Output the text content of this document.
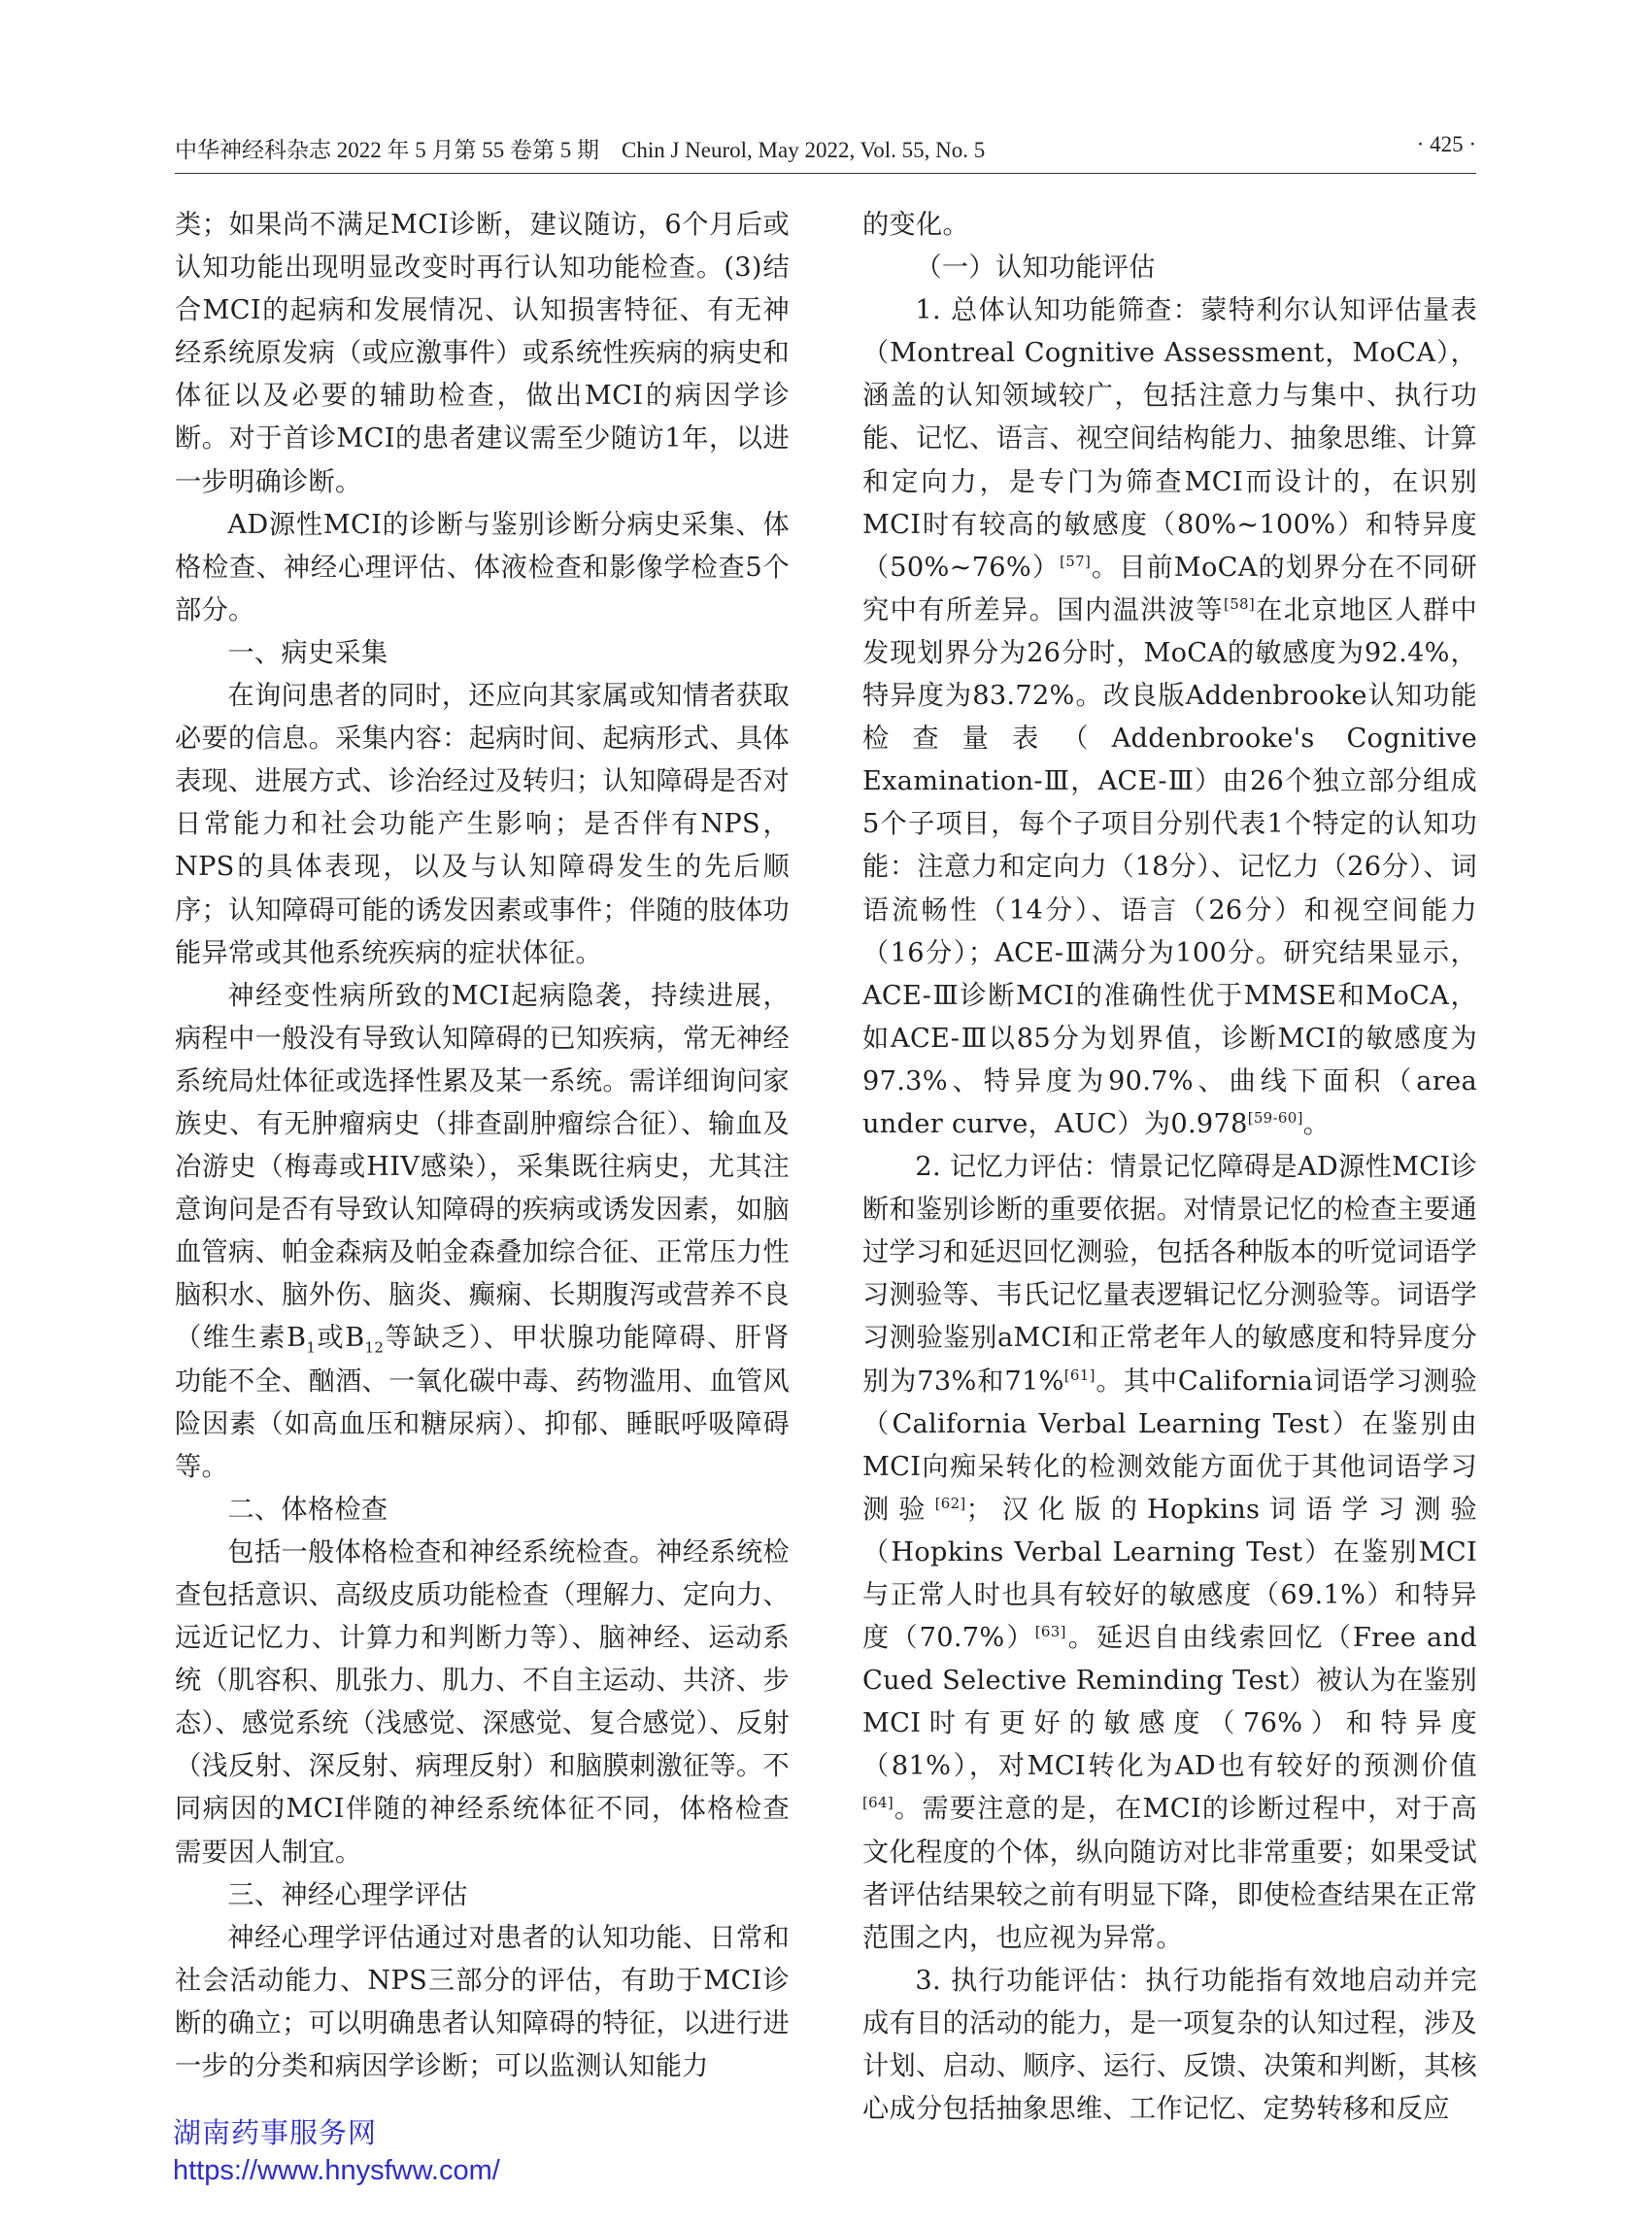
中华神经科杂志 2022 年 5 月第 55 卷第 5 期　Chin J Neurol, May 2022, Vol. 55, No. 5	· 425 ·

类；如果尚不满足MCI诊断，建议随访，6个月后或认知功能出现明显改变时再行认知功能检查。(3)结合MCI的起病和发展情况、认知损害特征、有无神经系统原发病（或应激事件）或系统性疾病的病史和体征以及必要的辅助检查，做出MCI的病因学诊断。对于首诊MCI的患者建议需至少随访1年，以进一步明确诊断。

AD源性MCI的诊断与鉴别诊断分病史采集、体格检查、神经心理评估、体液检查和影像学检查5个部分。

一、病史采集

在询问患者的同时，还应向其家属或知情者获取必要的信息。采集内容：起病时间、起病形式、具体表现、进展方式、诊治经过及转归；认知障碍是否对日常能力和社会功能产生影响；是否伴有NPS，NPS的具体表现，以及与认知障碍发生的先后顺序；认知障碍可能的诱发因素或事件；伴随的肢体功能异常或其他系统疾病的症状体征。

神经变性病所致的MCI起病隐袭，持续进展，病程中一般没有导致认知障碍的已知疾病，常无神经系统局灶体征或选择性累及某一系统。需详细询问家族史、有无肿瘤病史（排查副肿瘤综合征）、输血及冶游史（梅毒或HIV感染），采集既往病史，尤其注意询问是否有导致认知障碍的疾病或诱发因素，如脑血管病、帕金森病及帕金森叠加综合征、正常压力性脑积水、脑外伤、脑炎、癫痫、长期腹泻或营养不良（维生素$B_1$或$B_{12}$等缺乏）、甲状腺功能障碍、肝肾功能不全、酗酒、一氧化碳中毒、药物滥用、血管风险因素（如高血压和糖尿病）、抑郁、睡眠呼吸障碍等。

二、体格检查

包括一般体格检查和神经系统检查。神经系统检查包括意识、高级皮质功能检查（理解力、定向力、远近记忆力、计算力和判断力等）、脑神经、运动系统（肌容积、肌张力、肌力、不自主运动、共济、步态）、感觉系统（浅感觉、深感觉、复合感觉）、反射（浅反射、深反射、病理反射）和脑膜刺激征等。不同病因的MCI伴随的神经系统体征不同，体格检查需要因人制宜。

三、神经心理学评估

神经心理学评估通过对患者的认知功能、日常和社会活动能力、NPS三部分的评估，有助于MCI诊断的确立；可以明确患者认知障碍的特征，以进行进一步的分类和病因学诊断；可以监测认知能力

的变化。

（一）认知功能评估

1. 总体认知功能筛查：蒙特利尔认知评估量表（Montreal Cognitive Assessment，MoCA），涵盖的认知领域较广，包括注意力与集中、执行功能、记忆、语言、视空间结构能力、抽象思维、计算和定向力，是专门为筛查MCI而设计的，在识别MCI时有较高的敏感度（80%~100%）和特异度（50%~76%）[57]。目前MoCA的划界分在不同研究中有所差异。国内温洪波等[58]在北京地区人群中发现划界分为26分时，MoCA的敏感度为92.4%，特异度为83.72%。改良版Addenbrooke认知功能检查量表（Addenbrooke's Cognitive Examination-Ⅲ，ACE-Ⅲ）由26个独立部分组成5个子项目，每个子项目分别代表1个特定的认知功能：注意力和定向力（18分）、记忆力（26分）、词语流畅性（14分）、语言（26分）和视空间能力（16分）；ACE-Ⅲ满分为100分。研究结果显示，ACE-Ⅲ诊断MCI的准确性优于MMSE和MoCA，如ACE-Ⅲ以85分为划界值，诊断MCI的敏感度为97.3%、特异度为90.7%、曲线下面积（area under curve，AUC）为0.978[59-60]。

2. 记忆力评估：情景记忆障碍是AD源性MCI诊断和鉴别诊断的重要依据。对情景记忆的检查主要通过学习和延迟回忆测验，包括各种版本的听觉词语学习测验等、韦氏记忆量表逻辑记忆分测验等。词语学习测验鉴别aMCI和正常老年人的敏感度和特异度分别为73%和71%[61]。其中California词语学习测验（California Verbal Learning Test）在鉴别由MCI向痴呆转化的检测效能方面优于其他词语学习测验[62]；汉化版的Hopkins词语学习测验（Hopkins Verbal Learning Test）在鉴别MCI与正常人时也具有较好的敏感度（69.1%）和特异度（70.7%）[63]。延迟自由线索回忆（Free and Cued Selective Reminding Test）被认为在鉴别MCI时有更好的敏感度（76%）和特异度（81%），对MCI转化为AD也有较好的预测价值[64]。需要注意的是，在MCI的诊断过程中，对于高文化程度的个体，纵向随访对比非常重要；如果受试者评估结果较之前有明显下降，即使检查结果在正常范围之内，也应视为异常。

3. 执行功能评估：执行功能指有效地启动并完成有目的活动的能力，是一项复杂的认知过程，涉及计划、启动、顺序、运行、反馈、决策和判断，其核心成分包括抽象思维、工作记忆、定势转移和反应

湖南药事服务网
https://www.hnysfww.com/
